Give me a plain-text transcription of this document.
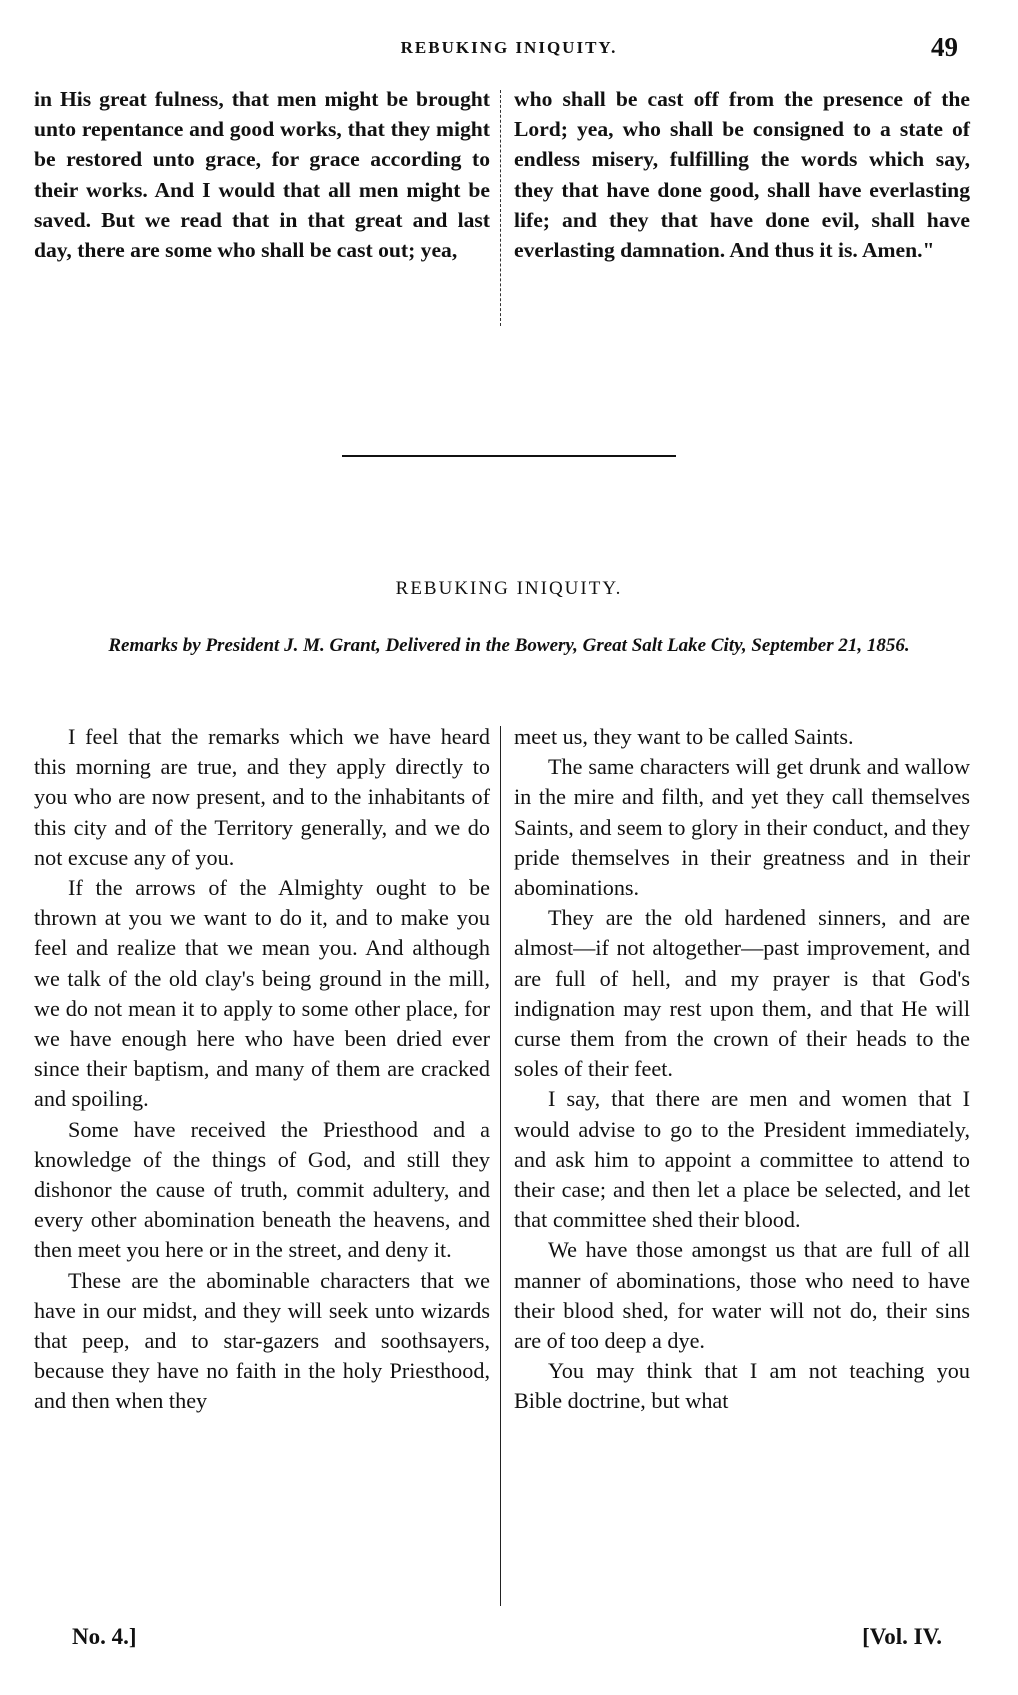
REBUKING INIQUITY.	49

in His great fulness, that men might be brought unto repentance and good works, that they might be restored unto grace, for grace according to their works. And I would that all men might be saved. But we read that in that great and last day, there are some who shall be cast out; yea,

who shall be cast off from the presence of the Lord; yea, who shall be consigned to a state of endless misery, fulfilling the words which say, they that have done good, shall have everlasting life; and they that have done evil, shall have everlasting damnation. And thus it is. Amen."

REBUKING INIQUITY.
Remarks by President J. M. Grant, Delivered in the Bowery, Great Salt Lake City, September 21, 1856.

I feel that the remarks which we have heard this morning are true, and they apply directly to you who are now present, and to the inhabitants of this city and of the Territory generally, and we do not excuse any of you.

If the arrows of the Almighty ought to be thrown at you we want to do it, and to make you feel and realize that we mean you. And although we talk of the old clay's being ground in the mill, we do not mean it to apply to some other place, for we have enough here who have been dried ever since their baptism, and many of them are cracked and spoiling.

Some have received the Priesthood and a knowledge of the things of God, and still they dishonor the cause of truth, commit adultery, and every other abomination beneath the heavens, and then meet you here or in the street, and deny it.

These are the abominable characters that we have in our midst, and they will seek unto wizards that peep, and to star-gazers and soothsayers, because they have no faith in the holy Priesthood, and then when they

meet us, they want to be called Saints.

The same characters will get drunk and wallow in the mire and filth, and yet they call themselves Saints, and seem to glory in their conduct, and they pride themselves in their greatness and in their abominations.

They are the old hardened sinners, and are almost—if not altogether—past improvement, and are full of hell, and my prayer is that God's indignation may rest upon them, and that He will curse them from the crown of their heads to the soles of their feet.

I say, that there are men and women that I would advise to go to the President immediately, and ask him to appoint a committee to attend to their case; and then let a place be selected, and let that committee shed their blood.

We have those amongst us that are full of all manner of abominations, those who need to have their blood shed, for water will not do, their sins are of too deep a dye.

You may think that I am not teaching you Bible doctrine, but what

No. 4.]	[Vol. IV.
